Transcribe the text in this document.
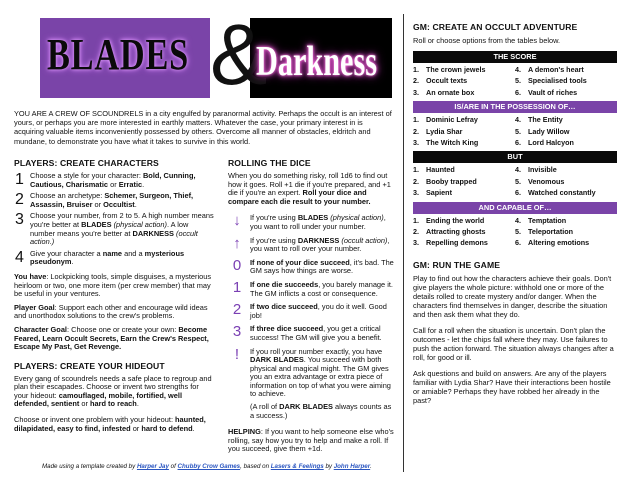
BLADES &
Darkness

YOU ARE A CREW OF SCOUNDRELS in a city engulfed by paranormal activity. Perhaps the occult is an interest of yours, or perhaps you are more interested in earthly matters. Whatever the case, your primary interest in is acquiring valuable items inconveniently possessed by others. Overcome all manner of obstacles, eldritch and mundane, to demonstrate you have what it takes to survive in this world.

PLAYERS: CREATE CHARACTERS
1 Choose a style for your character: Bold, Cunning, Cautious, Charismatic or Erratic.
2 Choose an archetype: Schemer, Surgeon, Thief, Assassin, Bruiser or Occultist.
3 Choose your number, from 2 to 5. A high number means you're better at BLADES (physical action). A low number means you're better at DARKNESS (occult action.)
4 Give your character a name and a mysterious pseudonym.

You have: Lockpicking tools, simple disguises, a mysterious heirloom or two, one more item (per crew member) that may be useful in your ventures.

Player Goal: Support each other and encourage wild ideas and unorthodox solutions to the crew's problems.

Character Goal: Choose one or create your own: Become Feared, Learn Occult Secrets, Earn the Crew's Respect, Escape My Past, Get Revenge.

PLAYERS: CREATE YOUR HIDEOUT

Every gang of scoundrels needs a safe place to regroup and plan their escapades. Choose or invent two strengths for your hideout: camouflaged, mobile, fortified, well defended, sentient or hard to reach.

Choose or invent one problem with your hideout: haunted, dilapidated, easy to find, infested or hard to defend.

ROLLING THE DICE

When you do something risky, roll 1d6 to find out how it goes. Roll +1 die if you're prepared, and +1 die if you're an expert. Roll your dice and compare each die result to your number.

↓	If you're using BLADES (physical action), you want to roll under your number.
↑	If you're using DARKNESS (occult action), you want to roll over your number.
0	If none of your dice succeed, it's bad. The GM says how things are worse.
1	If one die succeeds, you barely manage it. The GM inflicts a cost or consequence.
2	If two dice succeed, you do it well. Good job!
3	If three dice succeed, you get a critical success! The GM will give you a benefit.
!	If you roll your number exactly, you have DARK BLADES. You succeed with both physical and magical might. The GM gives you an extra advantage or extra piece of information on top of what you were aiming to achieve.

(A roll of DARK BLADES always counts as a success.)

HELPING: If you want to help someone else who's rolling, say how you try to help and make a roll. If you succeed, give them +1d.

GM: CREATE AN OCCULT ADVENTURE

Roll or choose options from the tables below.

THE SCORE
1. The crown jewels	4. A demon's heart
2. Occult texts	5. Specialised tools
3. An ornate box	6. Vault of riches
IS/ARE IN THE POSSESSION OF…
1. Dominic Lefray	4. The Entity
2. Lydia Shar	5. Lady Willow
3. The Witch King	6. Lord Halcyon
BUT
1. Haunted	4. Invisible
2. Booby trapped	5. Venomous
3. Sapient	6. Watched constantly
AND CAPABLE OF…
1. Ending the world	4. Temptation
2. Attracting ghosts	5. Teleportation
3. Repelling demons	6. Altering emotions
GM: RUN THE GAME

Play to find out how the characters achieve their goals. Don't give players the whole picture: withhold one or more of the details rolled to create mystery and/or danger. When the characters find themselves in danger, describe the situation and then ask them what they do.

Call for a roll when the situation is uncertain. Don't plan the outcomes - let the chips fall where they may. Use failures to push the action forward. The situation always changes after a roll, for good or ill.

Ask questions and build on answers. Are any of the players familiar with Lydia Shar? Have their interactions been hostile or amiable? Perhaps they have robbed her already in the past?

Made using a template created by Harper Jay of Chubby Crow Games, based on Lasers & Feelings by John Harper.
